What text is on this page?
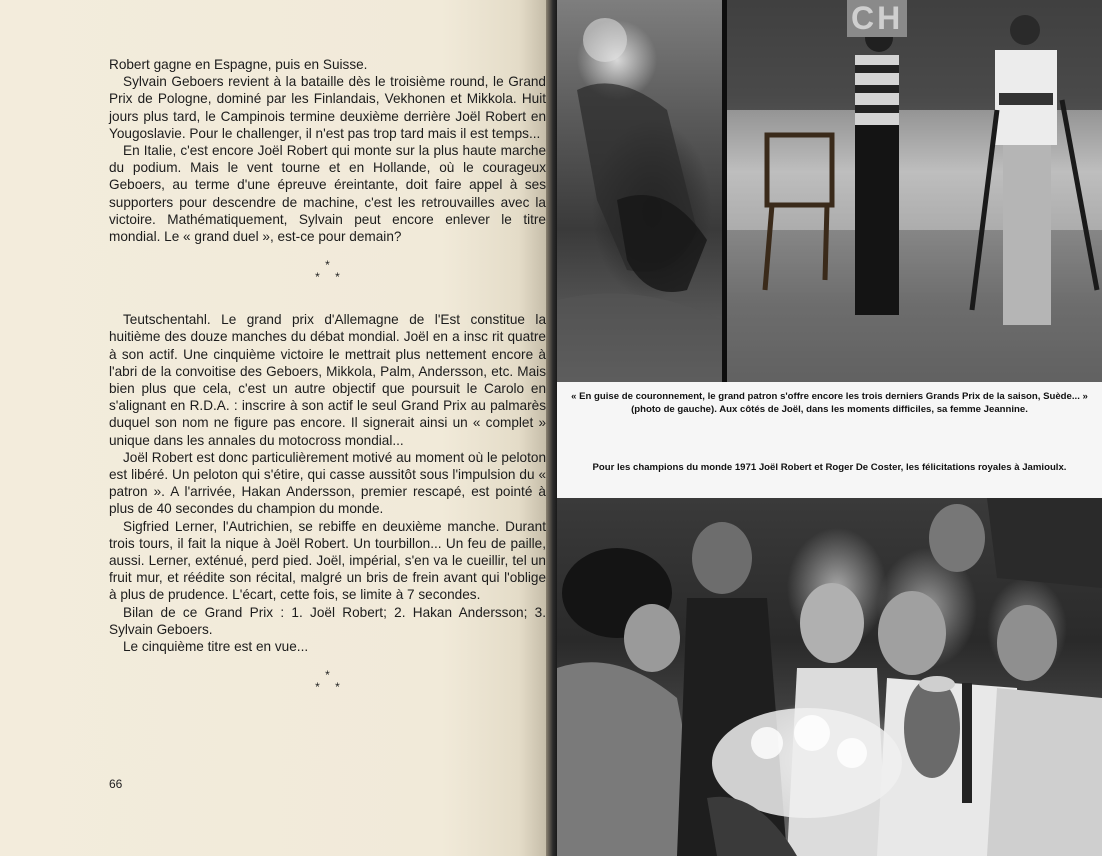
Robert gagne en Espagne, puis en Suisse.

Sylvain Geboers revient à la bataille dès le troisième round, le Grand Prix de Pologne, dominé par les Finlandais, Vekhonen et Mikkola. Huit jours plus tard, le Campinois termine deuxième derrière Joël Robert en Yougoslavie. Pour le challenger, il n'est pas trop tard mais il est temps...

En Italie, c'est encore Joël Robert qui monte sur la plus haute marche du podium. Mais le vent tourne et en Hollande, où le courageux Geboers, au terme d'une épreuve éreintante, doit faire appel à ses supporters pour descendre de machine, c'est les retrouvailles avec la victoire. Mathématiquement, Sylvain peut encore enlever le titre mondial. Le « grand duel », est-ce pour demain?

*
* *

Teutschentahl. Le grand prix d'Allemagne de l'Est constitue la huitième des douze manches du débat mondial. Joël en a insc rit quatre à son actif. Une cinquième victoire le mettrait plus nettement encore à l'abri de la convoitise des Geboers, Mikkola, Palm, Andersson, etc. Mais bien plus que cela, c'est un autre objectif que poursuit le Carolo en s'alignant en R.D.A. : inscrire à son actif le seul Grand Prix au palmarès duquel son nom ne figure pas encore. Il signerait ainsi un « complet » unique dans les annales du motocross mondial...

Joël Robert est donc particulièrement motivé au moment où le peloton est libéré. Un peloton qui s'étire, qui casse aussitôt sous l'impulsion du « patron ». A l'arrivée, Hakan Andersson, premier rescapé, est pointé à plus de 40 secondes du champion du monde.

Sigfried Lerner, l'Autrichien, se rebiffe en deuxième manche. Durant trois tours, il fait la nique à Joël Robert. Un tourbillon... Un feu de paille, aussi. Lerner, exténué, perd pied. Joël, impérial, s'en va le cueillir, tel un fruit mur, et réédite son récital, malgré un bris de frein avant qui l'oblige à plus de prudence. L'écart, cette fois, se limite à 7 secondes.

Bilan de ce Grand Prix : 1. Joël Robert; 2. Hakan Andersson; 3. Sylvain Geboers.

Le cinquième titre est en vue...

*
* *
66
CH
« En guise de couronnement, le grand patron s'offre encore les trois derniers Grands Prix de la saison, Suède... » (photo de gauche). Aux côtés de Joël, dans les moments difficiles, sa femme Jeannine.
Pour les champions du monde 1971 Joël Robert et Roger De Coster, les félicitations royales à Jamioulx.
